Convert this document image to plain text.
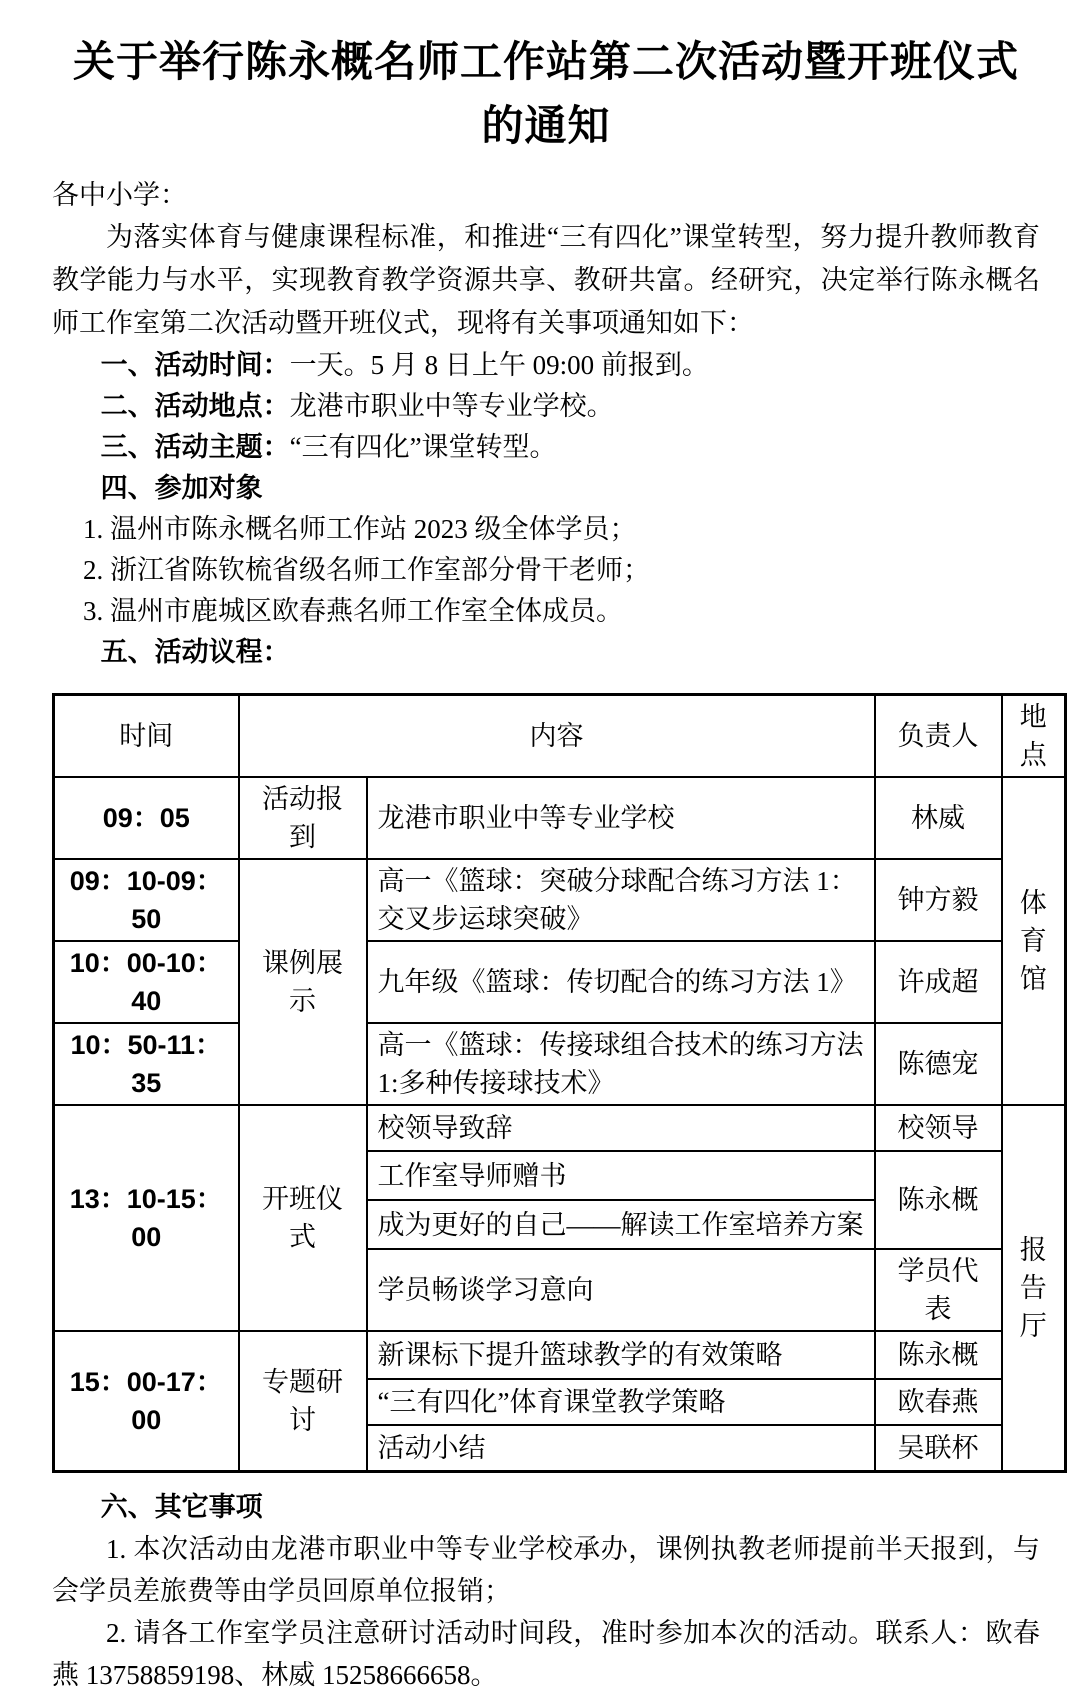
关于举行陈永概名师工作站第二次活动暨开班仪式
的通知

各中小学：

为落实体育与健康课程标准，和推进“三有四化”课堂转型，努力提升教师教育教学能力与水平，实现教育教学资源共享、教研共富。经研究，决定举行陈永概名师工作室第二次活动暨开班仪式，现将有关事项通知如下：

一、活动时间：一天。5 月 8 日上午 09:00 前报到。

二、活动地点：龙港市职业中等专业学校。

三、活动主题：“三有四化”课堂转型。

四、参加对象

1. 温州市陈永概名师工作站 2023 级全体学员；

2. 浙江省陈钦梳省级名师工作室部分骨干老师；

3. 温州市鹿城区欧春燕名师工作室全体成员。

五、活动议程：

时间	内容		负责人	地点
09：05	活动报到	龙港市职业中等专业学校	林威	体育馆
09：10-09：50	课例展示	高一《篮球：突破分球配合练习方法 1：交叉步运球突破》	钟方毅	
10：00-10：40		九年级《篮球：传切配合的练习方法 1》	许成超	
10：50-11：35		高一《篮球：传接球组合技术的练习方法 1:多种传接球技术》	陈德宠	
13：10-15：00	开班仪式	校领导致辞	校领导	报告厅
		工作室导师赠书	陈永概	
		成为更好的自己——解读工作室培养方案		
		学员畅谈学习意向	学员代表	
15：00-17：00	专题研讨	新课标下提升篮球教学的有效策略	陈永概	
		“三有四化”体育课堂教学策略	欧春燕	
		活动小结	吴联杯	

六、其它事项

1. 本次活动由龙港市职业中等专业学校承办，课例执教老师提前半天报到，与会学员差旅费等由学员回原单位报销；

2. 请各工作室学员注意研讨活动时间段，准时参加本次的活动。联系人：欧春燕 13758859198、林威 15258666658。
